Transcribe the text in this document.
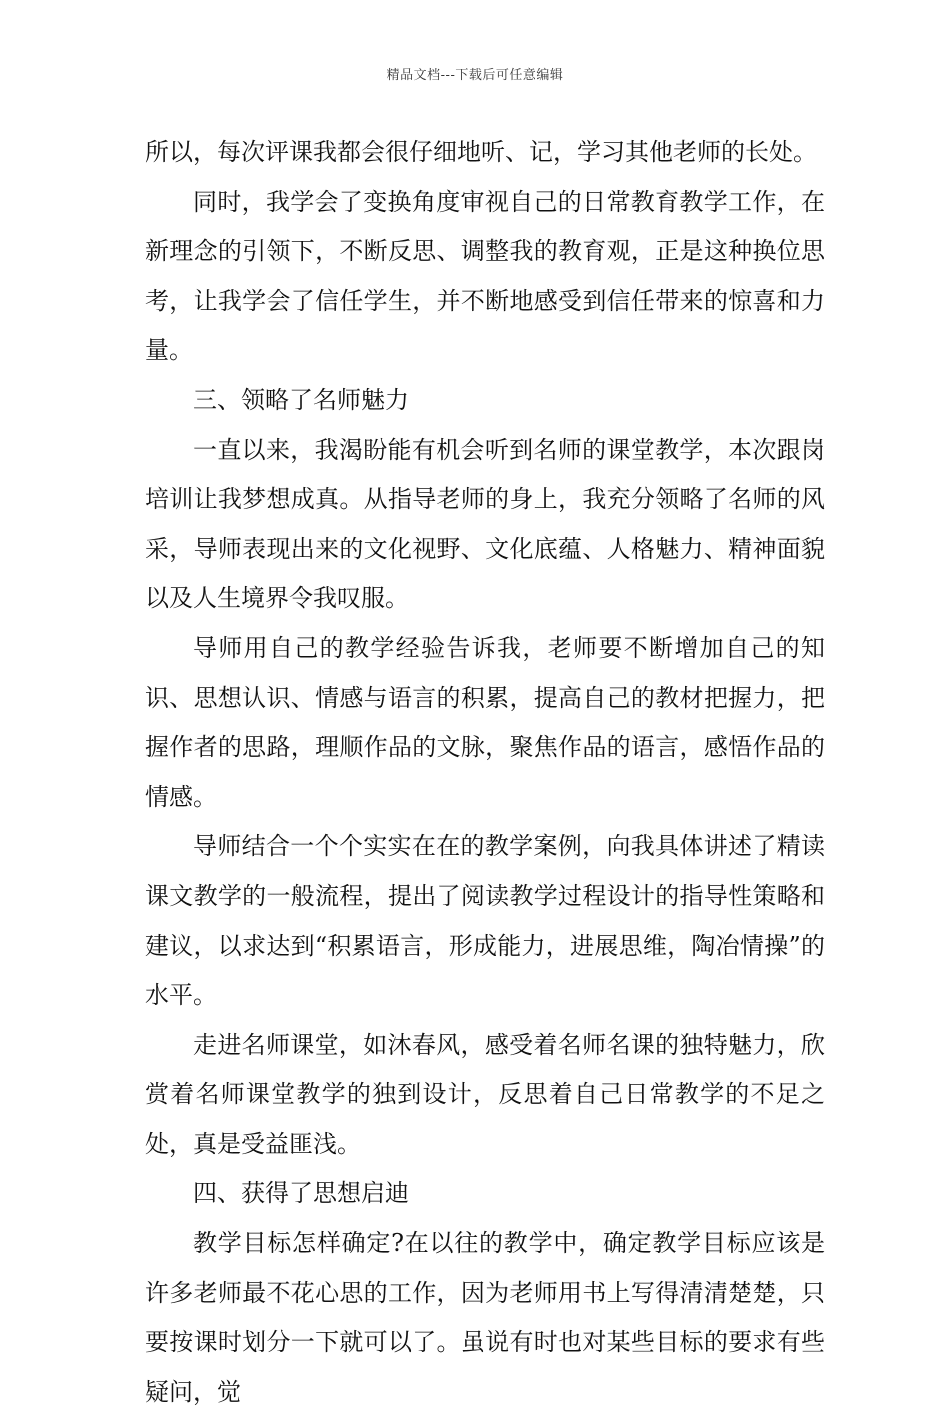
精品文档---下载后可任意编辑

所以，每次评课我都会很仔细地听、记，学习其他老师的长处。

同时，我学会了变换角度审视自己的日常教育教学工作，在新理念的引领下，不断反思、调整我的教育观，正是这种换位思考，让我学会了信任学生，并不断地感受到信任带来的惊喜和力量。

三、领略了名师魅力

一直以来，我渴盼能有机会听到名师的课堂教学，本次跟岗培训让我梦想成真。从指导老师的身上，我充分领略了名师的风采，导师表现出来的文化视野、文化底蕴、人格魅力、精神面貌以及人生境界令我叹服。

导师用自己的教学经验告诉我，老师要不断增加自己的知识、思想认识、情感与语言的积累，提高自己的教材把握力，把握作者的思路，理顺作品的文脉，聚焦作品的语言，感悟作品的情感。

导师结合一个个实实在在的教学案例，向我具体讲述了精读课文教学的一般流程，提出了阅读教学过程设计的指导性策略和建议，以求达到“积累语言，形成能力，进展思维，陶冶情操”的水平。

走进名师课堂，如沐春风，感受着名师名课的独特魅力，欣赏着名师课堂教学的独到设计，反思着自己日常教学的不足之处，真是受益匪浅。

四、获得了思想启迪

教学目标怎样确定?在以往的教学中，确定教学目标应该是许多老师最不花心思的工作，因为老师用书上写得清清楚楚，只要按课时划分一下就可以了。虽说有时也对某些目标的要求有些疑问，觉
